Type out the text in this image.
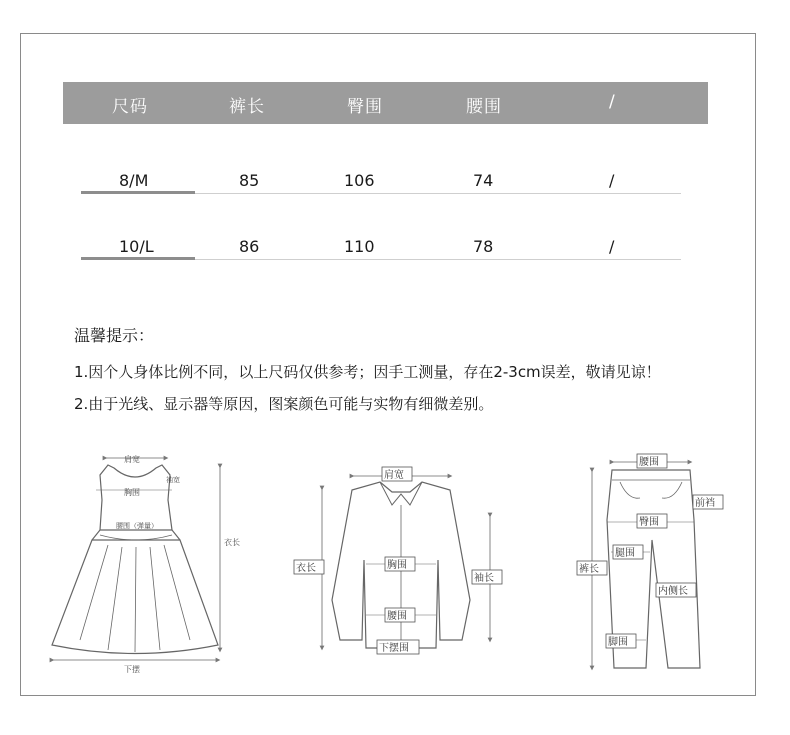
尺码	裤长	臀围	腰围	/
8/M	85	106	74	/
10/L	86	110	78	/
温馨提示：
1.因个人身体比例不同，以上尺码仅供参考；因手工测量，存在2-3cm误差，敬请见谅！
2.由于光线、显示器等原因，图案颜色可能与实物有细微差别。
肩宽
胸围
袖宽
腰围（弹量）
衣长
下摆
肩宽
衣长	胸围
袖长
腰围
下摆围
腰围
前裆
臀围
裤长
腿围
内侧长
脚围
